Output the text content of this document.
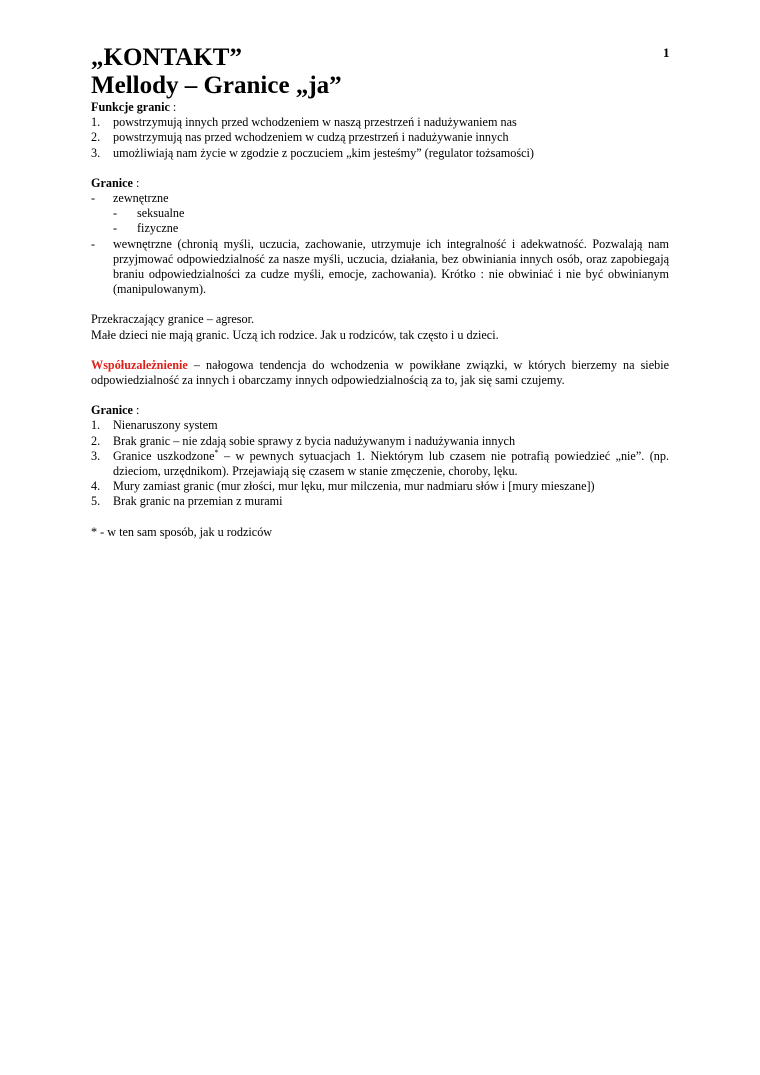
1
„KONTAKT”
Mellody – Granice „ja”
Funkcje granic :
1.	powstrzymują innych przed wchodzeniem w naszą przestrzeń i nadużywaniem nas
2.	powstrzymują nas przed wchodzeniem w cudzą przestrzeń i nadużywanie innych
3.	umożliwiają nam życie w zgodzie z poczuciem „kim jesteśmy” (regulator tożsamości)
Granice :
-	zewnętrzne
-	seksualne
-	fizyczne
-	wewnętrzne (chronią myśli, uczucia, zachowanie, utrzymuje ich integralność i adekwatność. Pozwalają nam przyjmować odpowiedzialność za nasze myśli, uczucia, działania, bez obwiniania innych osób, oraz zapobiegają braniu odpowiedzialności za cudze myśli, emocje, zachowania). Krótko : nie obwiniać i nie być obwinianym (manipulowanym).
Przekraczający granice – agresor.
Małe dzieci nie mają granic. Uczą ich rodzice. Jak u rodziców, tak często i u dzieci.
Współuzależnienie – nałogowa tendencja do wchodzenia w powikłane związki, w których bierzemy na siebie odpowiedzialność za innych i obarczamy innych odpowiedzialnością za to, jak się sami czujemy.
Granice :
1.	Nienaruszony system
2.	Brak granic – nie zdają sobie sprawy z bycia nadużywanym i nadużywania innych
3.	Granice uszkodzone* – w pewnych sytuacjach 1. Niektórym lub czasem nie potrafią powiedzieć „nie”. (np. dzieciom, urzędnikom). Przejawiają się czasem w stanie zmęczenie, choroby, lęku.
4.	Mury zamiast granic (mur złości, mur lęku, mur milczenia, mur nadmiaru słów i [mury mieszane])
5.	Brak granic na przemian z murami
* - w ten sam sposób, jak u rodziców
